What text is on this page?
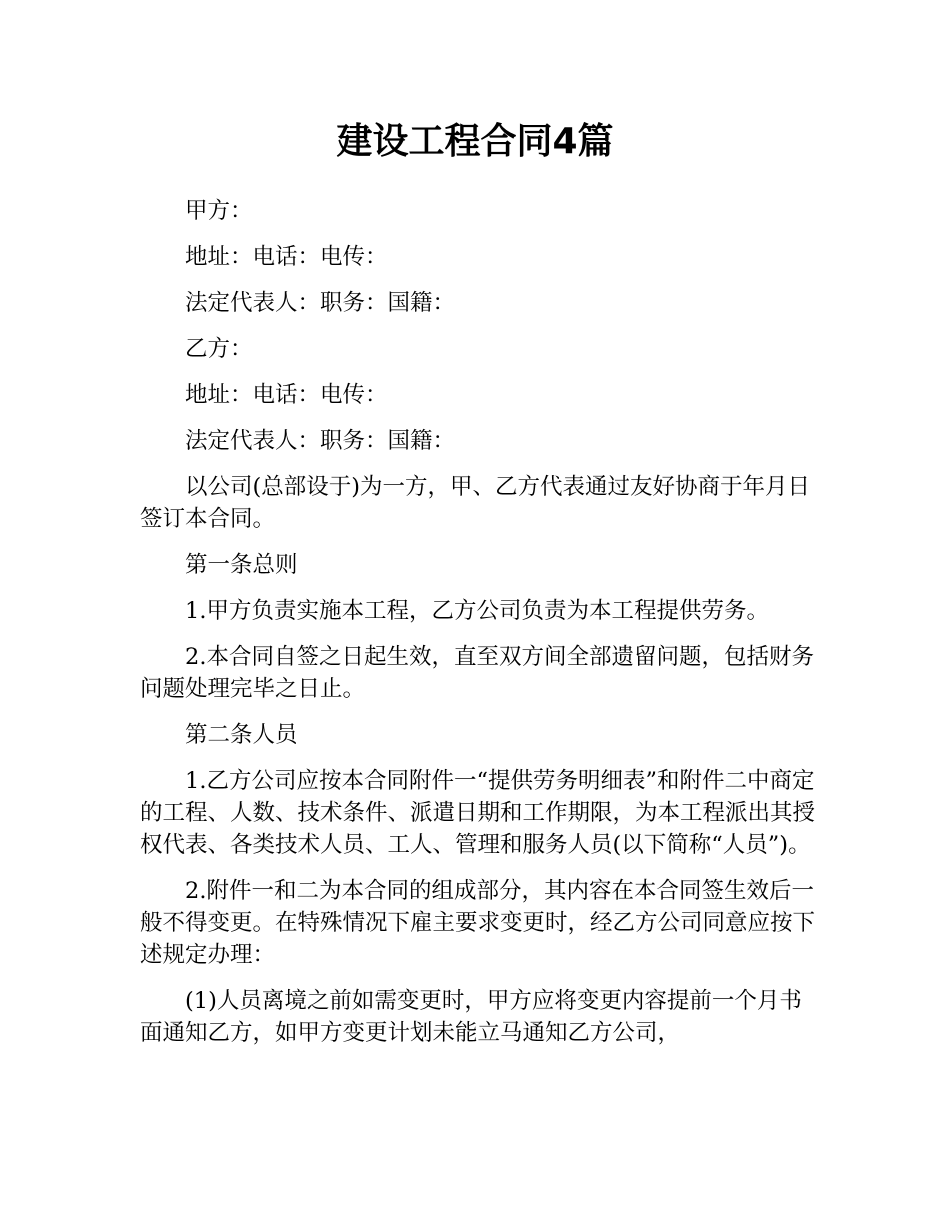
建设工程合同4篇

甲方：

地址：电话：电传：

法定代表人：职务：国籍：

乙方：

地址：电话：电传：

法定代表人：职务：国籍：

以公司(总部设于)为一方，甲、乙方代表通过友好协商于年月日签订本合同。

第一条总则

1.甲方负责实施本工程，乙方公司负责为本工程提供劳务。

2.本合同自签之日起生效，直至双方间全部遗留问题，包括财务问题处理完毕之日止。

第二条人员

1.乙方公司应按本合同附件一“提供劳务明细表”和附件二中商定的工程、人数、技术条件、派遣日期和工作期限，为本工程派出其授权代表、各类技术人员、工人、管理和服务人员(以下简称“人员”)。

2.附件一和二为本合同的组成部分，其内容在本合同签生效后一般不得变更。在特殊情况下雇主要求变更时，经乙方公司同意应按下述规定办理：

(1)人员离境之前如需变更时，甲方应将变更内容提前一个月书面通知乙方，如甲方变更计划未能立马通知乙方公司，
